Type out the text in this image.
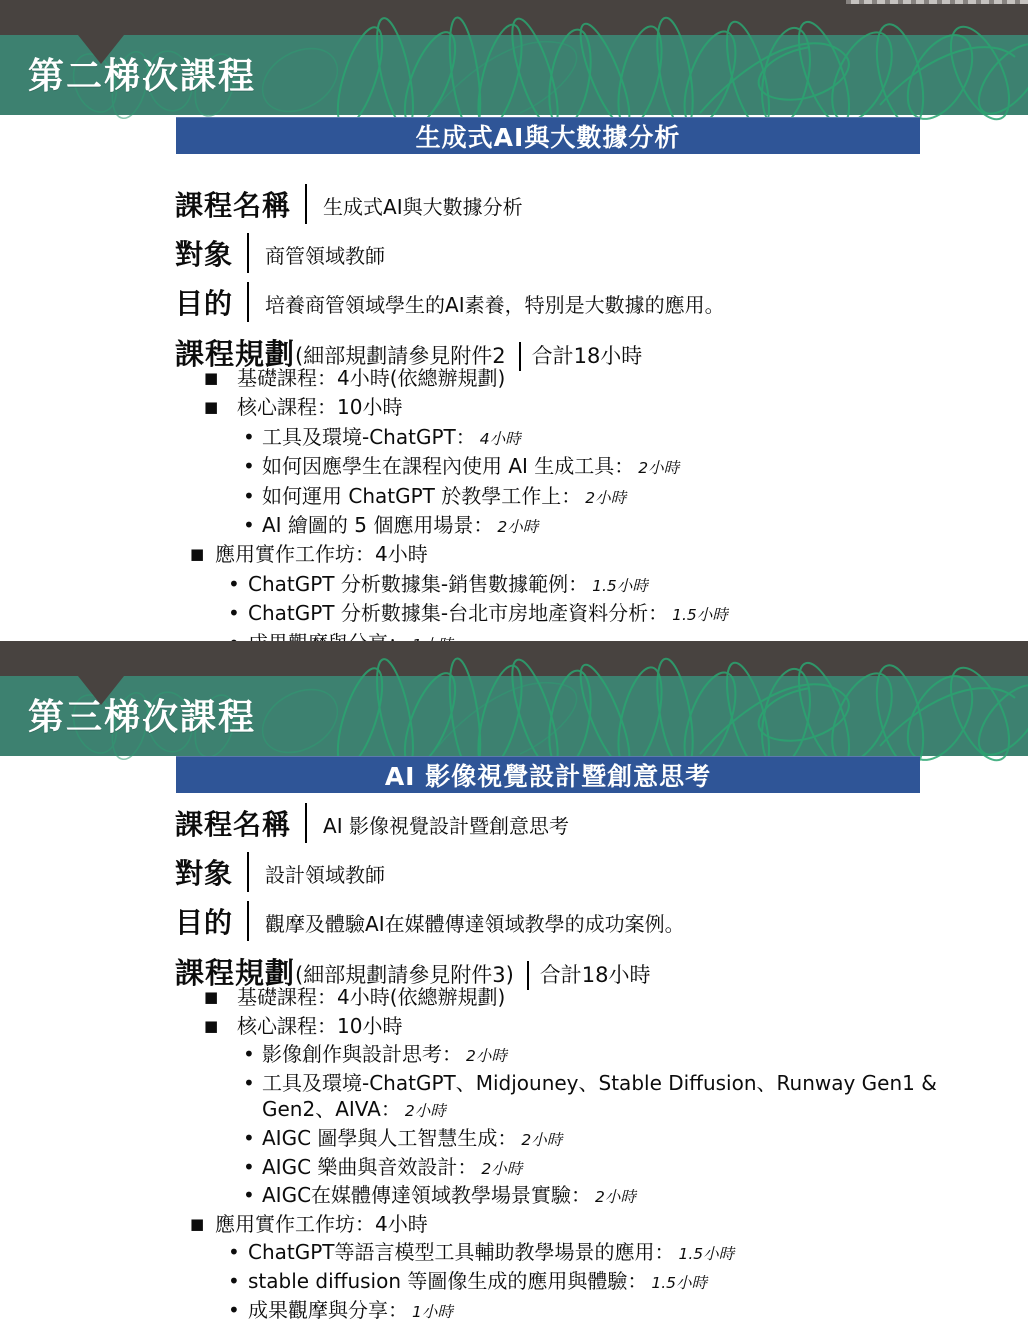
第二梯次課程
生成式AI與大數據分析
課程名稱 生成式AI與大數據分析
對象 商管領域教師
目的 培養商管領域學生的AI素養，特別是大數據的應用。
課程規劃 (細部規劃請參見附件2 合計18小時
■ 基礎課程：4小時(依總辦規劃)
■ 核心課程：10小時
• 工具及環境-ChatGPT： 4小時
• 如何因應學生在課程內使用 AI 生成工具： 2小時
• 如何運用 ChatGPT 於教學工作上： 2小時
• AI 繪圖的 5 個應用場景： 2小時
■ 應用實作工作坊：4小時
• ChatGPT 分析數據集-銷售數據範例： 1.5小時
• ChatGPT 分析數據集-台北市房地產資料分析： 1.5小時
第三梯次課程
AI 影像視覺設計暨創意思考
課程名稱 AI 影像視覺設計暨創意思考
對象 設計領域教師
目的 觀摩及體驗AI在媒體傳達領域教學的成功案例。
課程規劃 (細部規劃請參見附件3) 合計18小時
■ 基礎課程：4小時(依總辦規劃)
■ 核心課程：10小時
• 影像創作與設計思考： 2小時
• 工具及環境-ChatGPT、Midjouney、Stable Diffusion、Runway Gen1 & Gen2、AIVA： 2小時
• AIGC 圖學與人工智慧生成： 2小時
• AIGC 樂曲與音效設計： 2小時
• AIGC在媒體傳達領域教學場景實驗： 2小時
■ 應用實作工作坊：4小時
• ChatGPT等語言模型工具輔助教學場景的應用： 1.5小時
• stable diffusion 等圖像生成的應用與體驗： 1.5小時
• 成果觀摩與分享： 1小時
